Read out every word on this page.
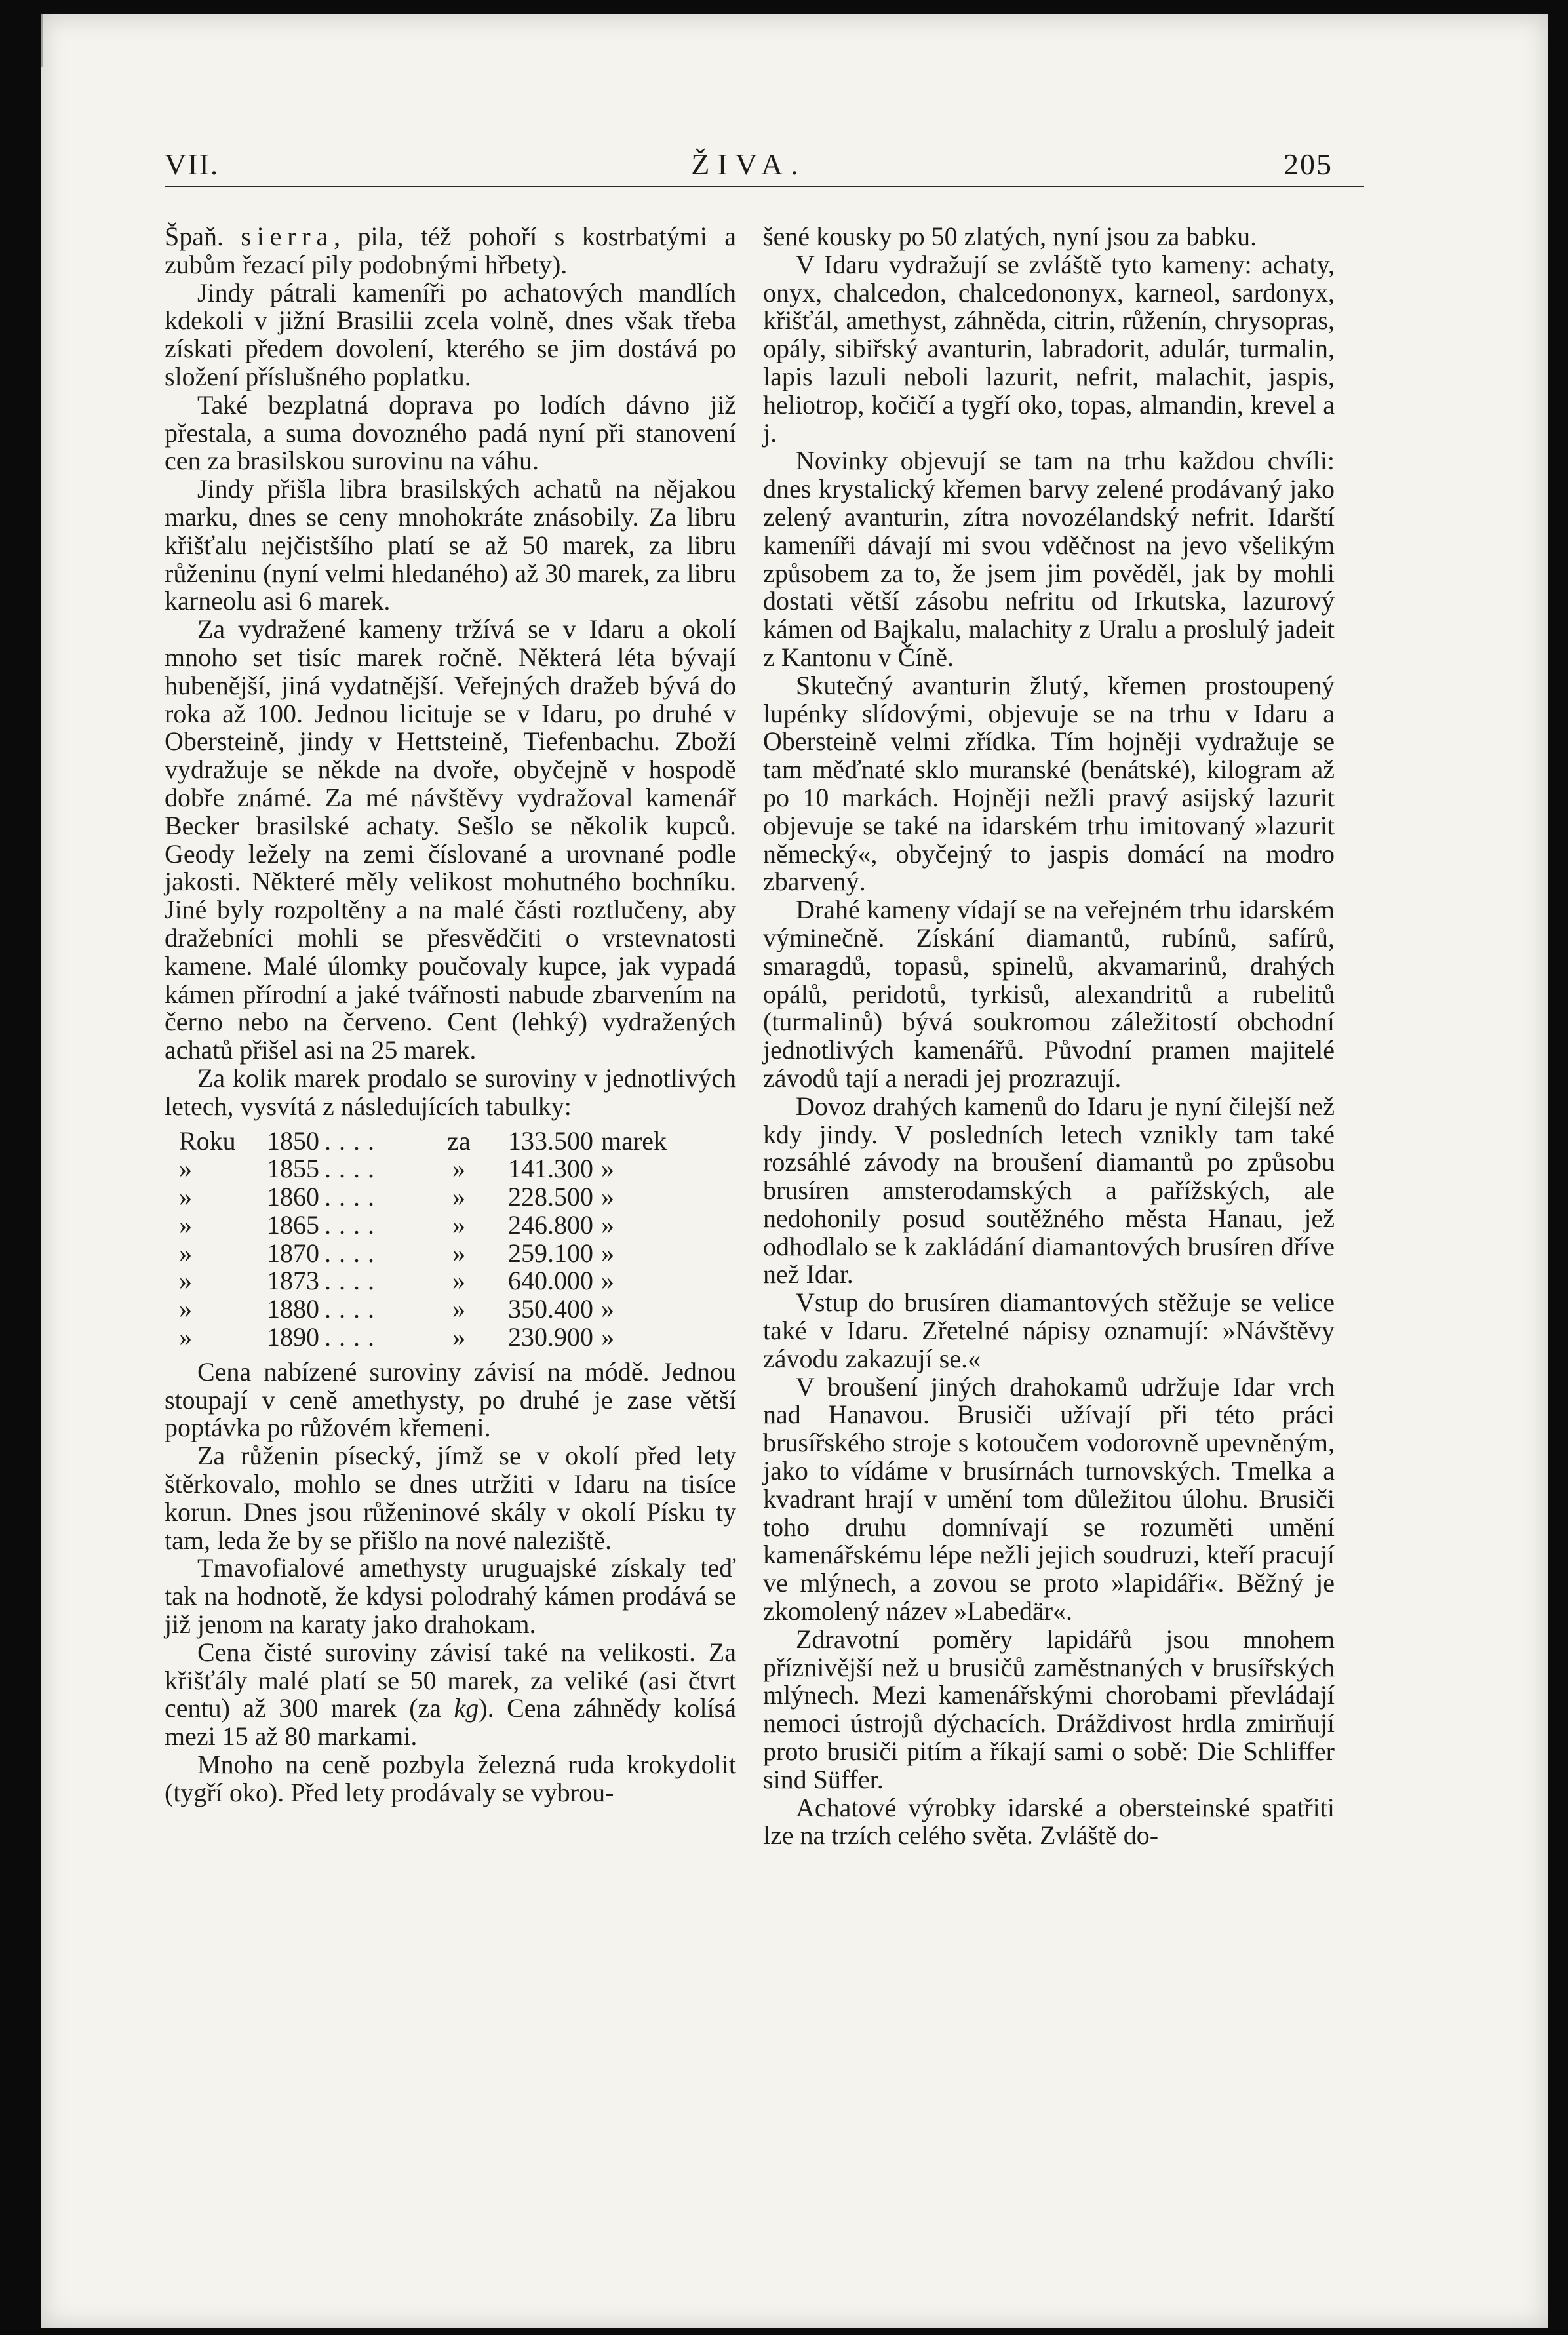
VII.	ŽIVA.	205

Špaň. sierra, pila, též pohoří s kostrbatými a zubům řezací pily podobnými hřbety).

Jindy pátrali kameníři po achatových mandlích kdekoli v jižní Brasilii zcela volně, dnes však třeba získati předem dovolení, kterého se jim dostává po složení příslušného poplatku.

Také bezplatná doprava po lodích dávno již přestala, a suma dovozného padá nyní při stanovení cen za brasilskou surovinu na váhu.

Jindy přišla libra brasilských achatů na nějakou marku, dnes se ceny mnohokráte znásobily. Za libru křišťalu nejčistšího platí se až 50 marek, za libru růženinu (nyní velmi hledaného) až 30 marek, za libru karneolu asi 6 marek.

Za vydražené kameny tržívá se v Idaru a okolí mnoho set tisíc marek ročně. Některá léta bývají hubenější, jiná vydatnější. Veřejných dražeb bývá do roka až 100. Jednou licituje se v Idaru, po druhé v Obersteině, jindy v Hettsteině, Tiefenbachu. Zboží vydražuje se někde na dvoře, obyčejně v hospodě dobře známé. Za mé návštěvy vydražoval kamenář Becker brasilské achaty. Sešlo se několik kupců. Geody ležely na zemi číslované a urovnané podle jakosti. Některé měly velikost mohutného bochníku. Jiné byly rozpoltěny a na malé části roztlučeny, aby dražebníci mohli se přesvědčiti o vrstevnatosti kamene. Malé úlomky poučovaly kupce, jak vypadá kámen přírodní a jaké tvářnosti nabude zbarvením na černo nebo na červeno. Cent (lehký) vydražených achatů přišel asi na 25 marek.

Za kolik marek prodalo se suroviny v jednotlivých letech, vysvítá z následujících tabulky:

Roku	1850	....	za	133.500	marek
»	1855	....	»	141.300	»
»	1860	....	»	228.500	»
»	1865	....	»	246.800	»
»	1870	....	»	259.100	»
»	1873	....	»	640.000	»
»	1880	....	»	350.400	»
»	1890	....	»	230.900	»

Cena nabízené suroviny závisí na módě. Jednou stoupají v ceně amethysty, po druhé je zase větší poptávka po růžovém křemeni.

Za růženin písecký, jímž se v okolí před lety štěrkovalo, mohlo se dnes utržiti v Idaru na tisíce korun. Dnes jsou růženinové skály v okolí Písku ty tam, leda že by se přišlo na nové naleziště.

Tmavofialové amethysty uruguajské získaly teď tak na hodnotě, že kdysi polodrahý kámen prodává se již jenom na karaty jako drahokam.

Cena čisté suroviny závisí také na velikosti. Za křišťály malé platí se 50 marek, za veliké (asi čtvrt centu) až 300 marek (za kg). Cena záhnědy kolísá mezi 15 až 80 markami.

Mnoho na ceně pozbyla železná ruda krokydolit (tygří oko). Před lety prodávaly se vybrou-

šené kousky po 50 zlatých, nyní jsou za babku.

V Idaru vydražují se zvláště tyto kameny: achaty, onyx, chalcedon, chalcedononyx, karneol, sardonyx, křišťál, amethyst, záhněda, citrin, růženín, chrysopras, opály, sibiřský avanturin, labradorit, adulár, turmalin, lapis lazuli neboli lazurit, nefrit, malachit, jaspis, heliotrop, kočičí a tygří oko, topas, almandin, krevel a j.

Novinky objevují se tam na trhu každou chvíli: dnes krystalický křemen barvy zelené prodávaný jako zelený avanturin, zítra novozélandský nefrit. Idarští kameníři dávají mi svou vděčnost na jevo všelikým způsobem za to, že jsem jim pověděl, jak by mohli dostati větší zásobu nefritu od Irkutska, lazurový kámen od Bajkalu, malachity z Uralu a proslulý jadeit z Kantonu v Číně.

Skutečný avanturin žlutý, křemen prostoupený lupénky slídovými, objevuje se na trhu v Idaru a Obersteině velmi zřídka. Tím hojněji vydražuje se tam měďnaté sklo muranské (benátské), kilogram až po 10 markách. Hojněji nežli pravý asijský lazurit objevuje se také na idarském trhu imitovaný »lazurit německý«, obyčejný to jaspis domácí na modro zbarvený.

Drahé kameny vídají se na veřejném trhu idarském výminečně. Získání diamantů, rubínů, safírů, smaragdů, topasů, spinelů, akvamarinů, drahých opálů, peridotů, tyrkisů, alexandritů a rubelitů (turmalinů) bývá soukromou záležitostí obchodní jednotlivých kamenářů. Původní pramen majitelé závodů tají a neradi jej prozrazují.

Dovoz drahých kamenů do Idaru je nyní čilejší než kdy jindy. V posledních letech vznikly tam také rozsáhlé závody na broušení diamantů po způsobu brusíren amsterodamských a pařížských, ale nedohonily posud soutěžného města Hanau, jež odhodlalo se k zakládání diamantových brusíren dříve než Idar.

Vstup do brusíren diamantových stěžuje se velice také v Idaru. Zřetelné nápisy oznamují: »Návštěvy závodu zakazují se.«

V broušení jiných drahokamů udržuje Idar vrch nad Hanavou. Brusiči užívají při této práci brusířského stroje s kotoučem vodorovně upevněným, jako to vídáme v brusírnách turnovských. Tmelka a kvadrant hrají v umění tom důležitou úlohu. Brusiči toho druhu domnívají se rozuměti umění kamenářskému lépe nežli jejich soudruzi, kteří pracují ve mlýnech, a zovou se proto »lapidáři«. Běžný je zkomolený název »Labedär«.

Zdravotní poměry lapidářů jsou mnohem příznivější než u brusičů zaměstnaných v brusířských mlýnech. Mezi kamenářskými chorobami převládají nemoci ústrojů dýchacích. Dráždivost hrdla zmirňují proto brusiči pitím a říkají sami o sobě: Die Schliffer sind Süffer.

Achatové výrobky idarské a obersteinské spatřiti lze na trzích celého světa. Zvláště do-
